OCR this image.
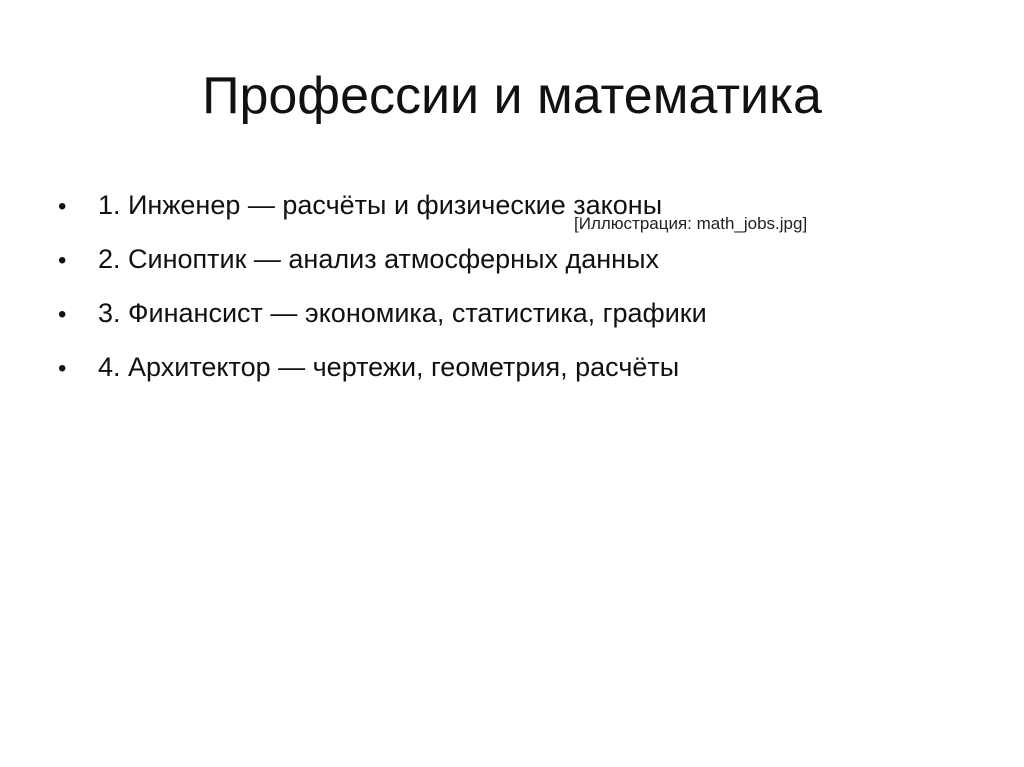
Профессии и математика
• 1. Инженер — расчёты и физические законы
• 2. Синоптик — анализ атмосферных данных
• 3. Финансист — экономика, статистика, графики
• 4. Архитектор — чертежи, геометрия, расчёты
[Иллюстрация: math_jobs.jpg]
